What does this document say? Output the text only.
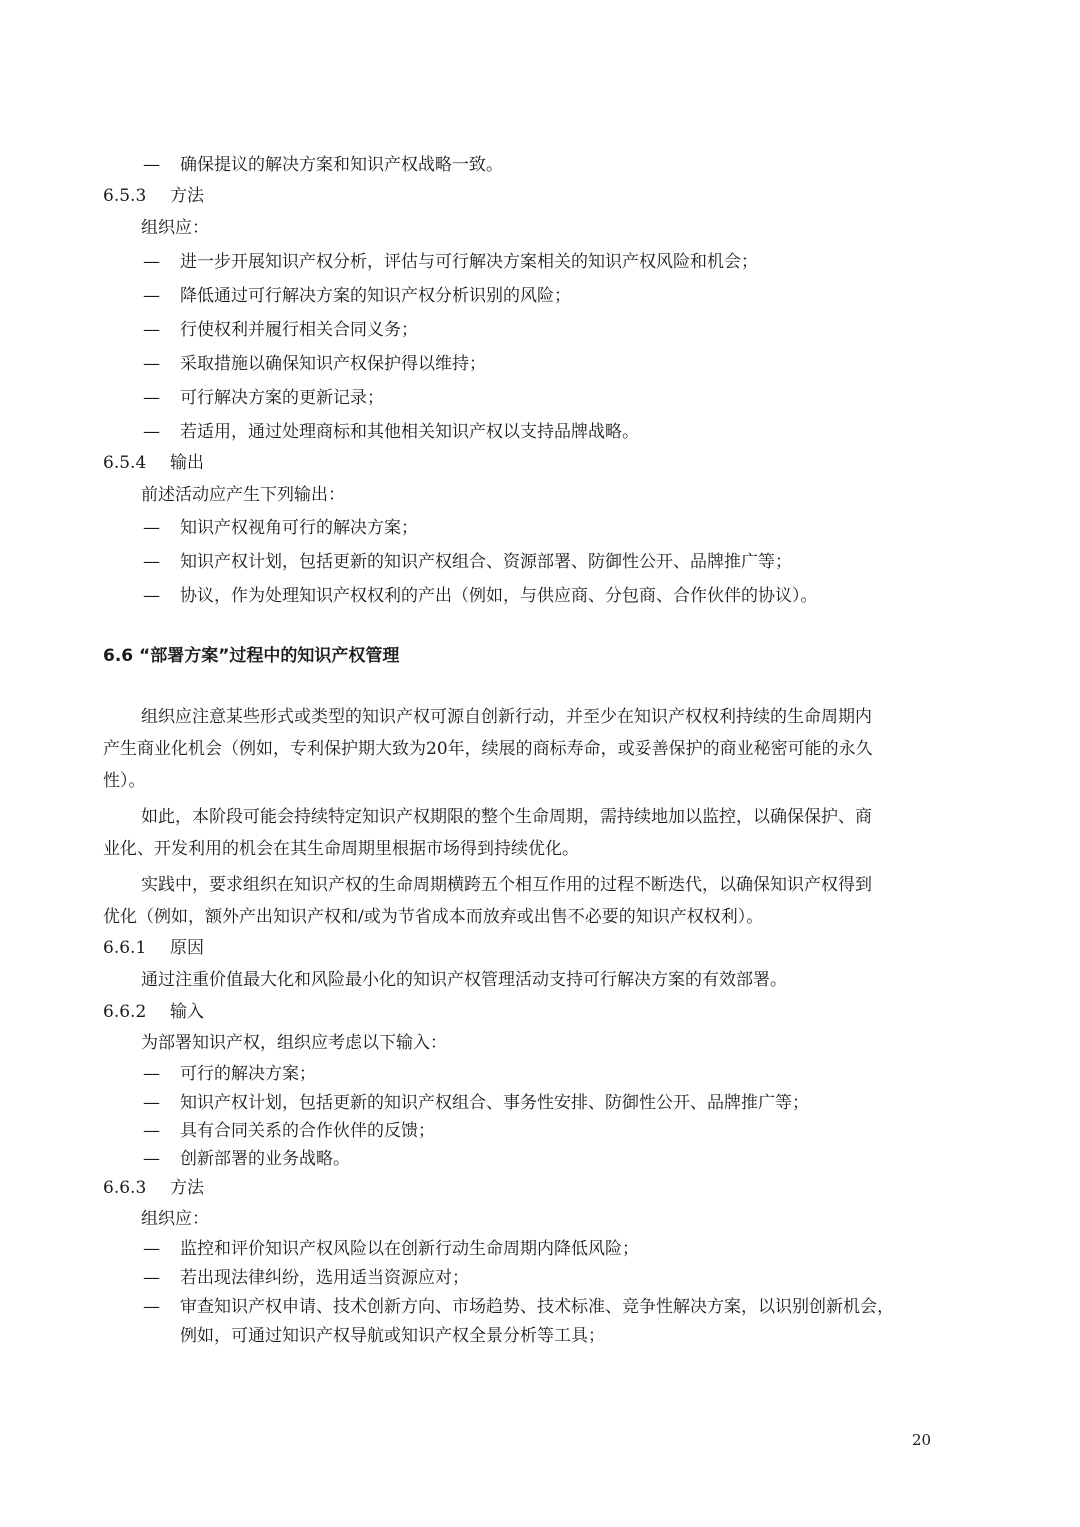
— 确保提议的解决方案和知识产权战略一致。
6.5.3 方法
组织应：
— 进一步开展知识产权分析，评估与可行解决方案相关的知识产权风险和机会；
— 降低通过可行解决方案的知识产权分析识别的风险；
— 行使权利并履行相关合同义务；
— 采取措施以确保知识产权保护得以维持；
— 可行解决方案的更新记录；
— 若适用，通过处理商标和其他相关知识产权以支持品牌战略。
6.5.4 输出
前述活动应产生下列输出：
— 知识产权视角可行的解决方案；
— 知识产权计划，包括更新的知识产权组合、资源部署、防御性公开、品牌推广等；
— 协议，作为处理知识产权权利的产出（例如，与供应商、分包商、合作伙伴的协议）。
6.6 “部署方案”过程中的知识产权管理
组织应注意某些形式或类型的知识产权可源自创新行动，并至少在知识产权权利持续的生命周期内
产生商业化机会（例如，专利保护期大致为20年，续展的商标寿命，或妥善保护的商业秘密可能的永久
性）。
如此，本阶段可能会持续特定知识产权期限的整个生命周期，需持续地加以监控，以确保保护、商
业化、开发利用的机会在其生命周期里根据市场得到持续优化。
实践中，要求组织在知识产权的生命周期横跨五个相互作用的过程不断迭代，以确保知识产权得到
优化（例如，额外产出知识产权和/或为节省成本而放弃或出售不必要的知识产权权利）。
6.6.1 原因
通过注重价值最大化和风险最小化的知识产权管理活动支持可行解决方案的有效部署。
6.6.2 输入
为部署知识产权，组织应考虑以下输入：
— 可行的解决方案；
— 知识产权计划，包括更新的知识产权组合、事务性安排、防御性公开、品牌推广等；
— 具有合同关系的合作伙伴的反馈；
— 创新部署的业务战略。
6.6.3 方法
组织应：
— 监控和评价知识产权风险以在创新行动生命周期内降低风险；
— 若出现法律纠纷，选用适当资源应对；
— 审查知识产权申请、技术创新方向、市场趋势、技术标准、竞争性解决方案，以识别创新机会，
例如，可通过知识产权导航或知识产权全景分析等工具；
20
